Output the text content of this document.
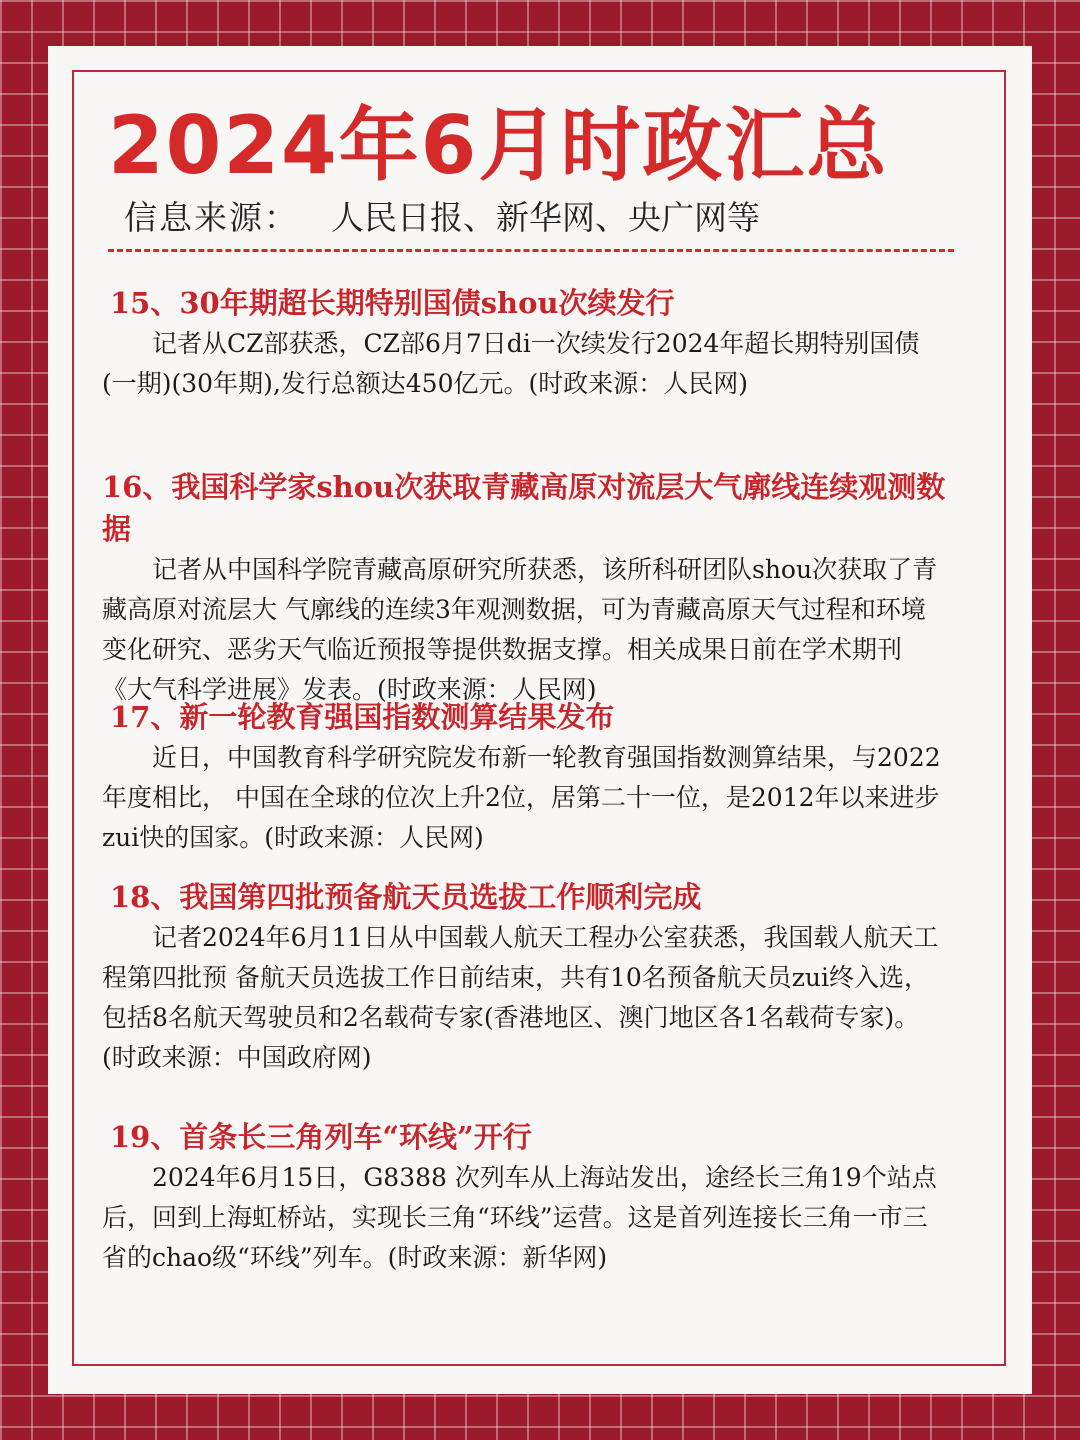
2024年6月时政汇总
信息来源： 人民日报、新华网、央广网等
15、30年期超长期特别国债shou次续发行

记者从CZ部获悉，CZ部6月7日di一次续发行2024年超长期特别国债(一期)(30年期),发行总额达450亿元。(时政来源：人民网)

16、我国科学家shou次获取青藏高原对流层大气廓线连续观测数据

记者从中国科学院青藏高原研究所获悉，该所科研团队shou次获取了青藏高原对流层大 气廓线的连续3年观测数据，可为青藏高原天气过程和环境变化研究、恶劣天气临近预报等提供数据支撑。相关成果日前在学术期刊《大气科学进展》发表。(时政来源：人民网)

17、新一轮教育强国指数测算结果发布

近日，中国教育科学研究院发布新一轮教育强国指数测算结果，与2022年度相比， 中国在全球的位次上升2位，居第二十一位，是2012年以来进步zui快的国家。(时政来源：人民网)

18、我国第四批预备航天员选拔工作顺利完成

记者2024年6月11日从中国载人航天工程办公室获悉，我国载人航天工程第四批预 备航天员选拔工作日前结束，共有10名预备航天员zui终入选，包括8名航天驾驶员和2名载荷专家(香港地区、澳门地区各1名载荷专家)。(时政来源：中国政府网)

19、首条长三角列车“环线”开行

2024年6月15日，G8388 次列车从上海站发出，途经长三角19个站点后，回到上海虹桥站，实现长三角“环线”运营。这是首列连接长三角一市三省的chao级“环线”列车。(时政来源：新华网)
